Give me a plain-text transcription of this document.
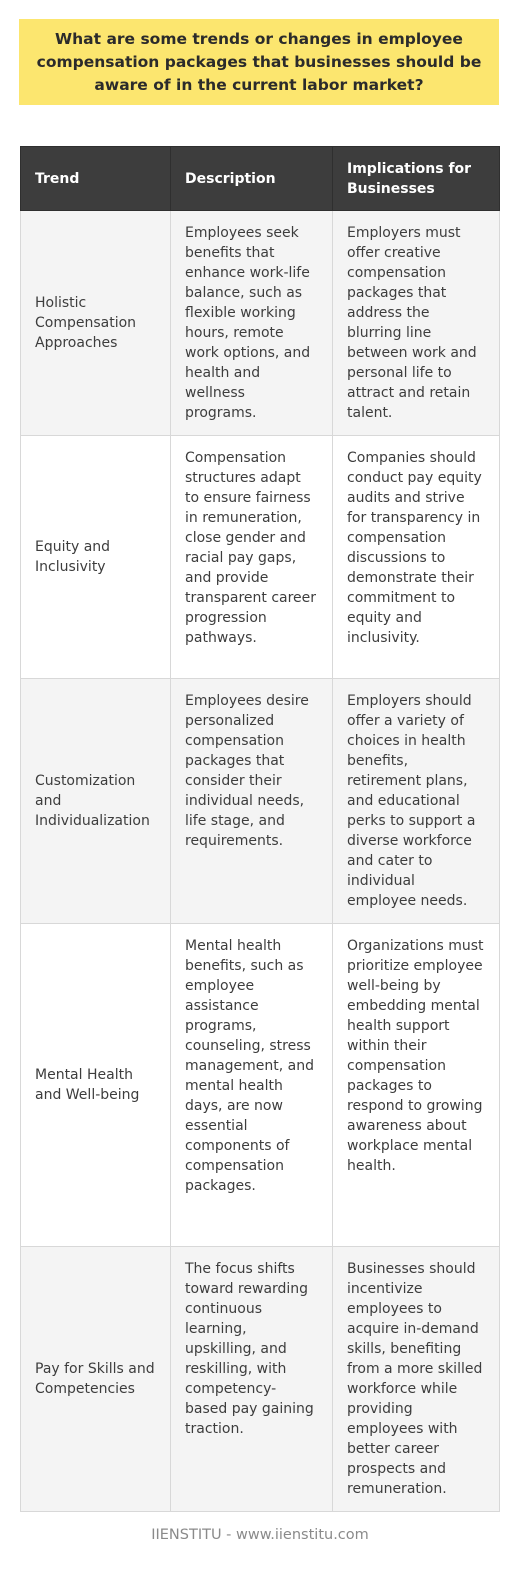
What are some trends or changes in employee compensation packages that businesses should be aware of in the current labor market?
Trend	Description	Implications for Businesses
Holistic Compensation Approaches	Employees seek benefits that enhance work-life balance, such as flexible working hours, remote work options, and health and wellness programs.	Employers must offer creative compensation packages that address the blurring line between work and personal life to attract and retain talent.
Equity and Inclusivity	Compensation structures adapt to ensure fairness in remuneration, close gender and racial pay gaps, and provide transparent career progression pathways.	Companies should conduct pay equity audits and strive for transparency in compensation discussions to demonstrate their commitment to equity and inclusivity.
Customization and Individualization	Employees desire personalized compensation packages that consider their individual needs, life stage, and requirements.	Employers should offer a variety of choices in health benefits, retirement plans, and educational perks to support a diverse workforce and cater to individual employee needs.
Mental Health and Well-being	Mental health benefits, such as employee assistance programs, counseling, stress management, and mental health days, are now essential components of compensation packages.	Organizations must prioritize employee well-being by embedding mental health support within their compensation packages to respond to growing awareness about workplace mental health.
Pay for Skills and Competencies	The focus shifts toward rewarding continuous learning, upskilling, and reskilling, with competency-based pay gaining traction.	Businesses should incentivize employees to acquire in-demand skills, benefiting from a more skilled workforce while providing employees with better career prospects and remuneration.
IIENSTITU - www.iienstitu.com
